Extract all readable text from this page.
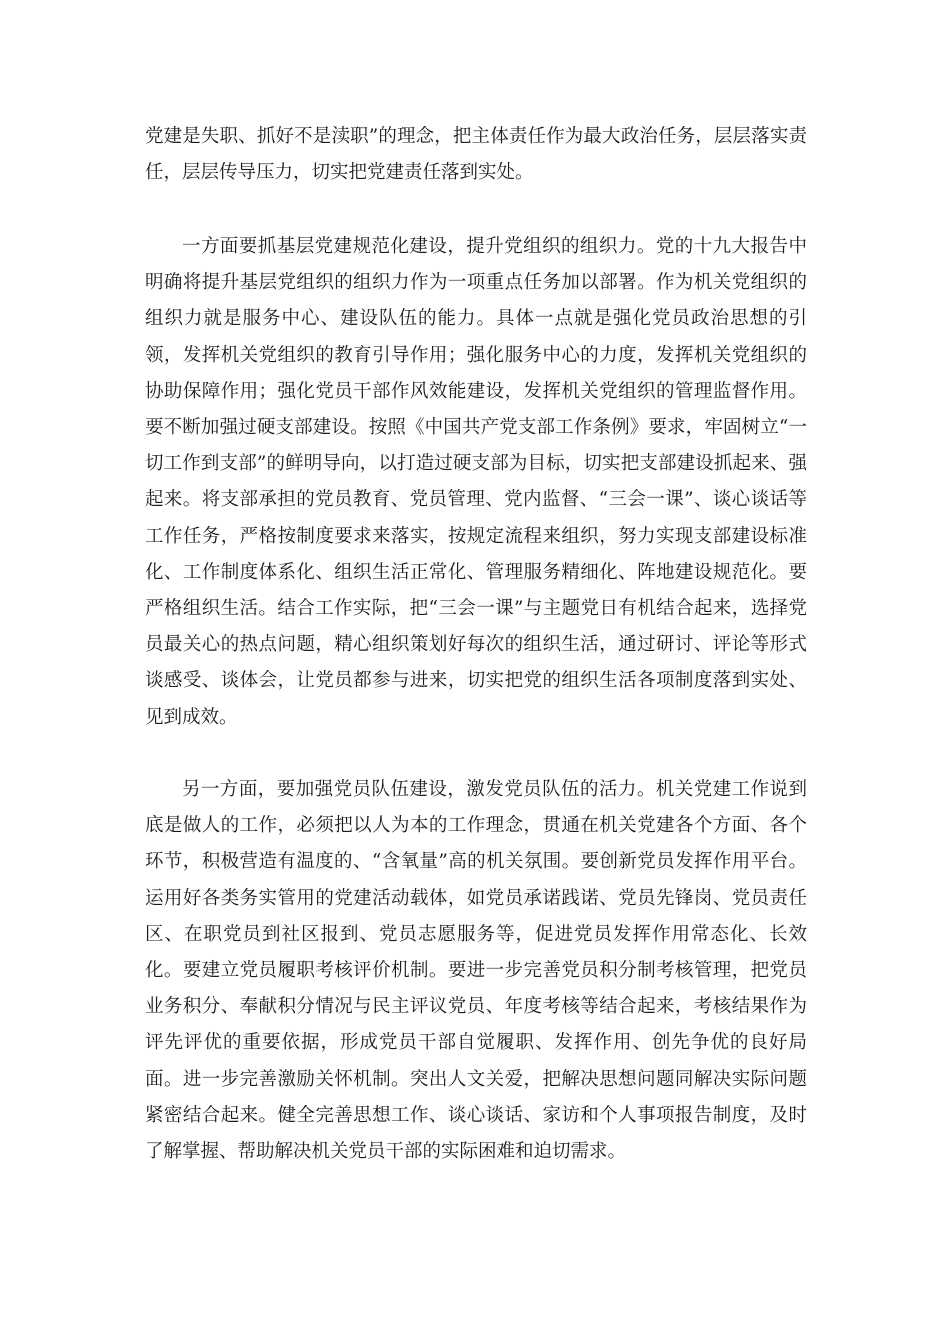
党建是失职、抓好不是渎职”的理念，把主体责任作为最大政治任务，层层落实责任，层层传导压力，切实把党建责任落到实处。

一方面要抓基层党建规范化建设，提升党组织的组织力。党的十九大报告中明确将提升基层党组织的组织力作为一项重点任务加以部署。作为机关党组织的组织力就是服务中心、建设队伍的能力。具体一点就是强化党员政治思想的引领，发挥机关党组织的教育引导作用；强化服务中心的力度，发挥机关党组织的协助保障作用；强化党员干部作风效能建设，发挥机关党组织的管理监督作用。要不断加强过硬支部建设。按照《中国共产党支部工作条例》要求，牢固树立“一切工作到支部”的鲜明导向，以打造过硬支部为目标，切实把支部建设抓起来、强起来。将支部承担的党员教育、党员管理、党内监督、“三会一课”、谈心谈话等工作任务，严格按制度要求来落实，按规定流程来组织，努力实现支部建设标准化、工作制度体系化、组织生活正常化、管理服务精细化、阵地建设规范化。要严格组织生活。结合工作实际，把“三会一课”与主题党日有机结合起来，选择党员最关心的热点问题，精心组织策划好每次的组织生活，通过研讨、评论等形式谈感受、谈体会，让党员都参与进来，切实把党的组织生活各项制度落到实处、见到成效。

另一方面，要加强党员队伍建设，激发党员队伍的活力。机关党建工作说到底是做人的工作，必须把以人为本的工作理念，贯通在机关党建各个方面、各个环节，积极营造有温度的、“含氧量”高的机关氛围。要创新党员发挥作用平台。运用好各类务实管用的党建活动载体，如党员承诺践诺、党员先锋岗、党员责任区、在职党员到社区报到、党员志愿服务等，促进党员发挥作用常态化、长效化。要建立党员履职考核评价机制。要进一步完善党员积分制考核管理，把党员业务积分、奉献积分情况与民主评议党员、年度考核等结合起来，考核结果作为评先评优的重要依据，形成党员干部自觉履职、发挥作用、创先争优的良好局面。进一步完善激励关怀机制。突出人文关爱，把解决思想问题同解决实际问题紧密结合起来。健全完善思想工作、谈心谈话、家访和个人事项报告制度，及时了解掌握、帮助解决机关党员干部的实际困难和迫切需求。
